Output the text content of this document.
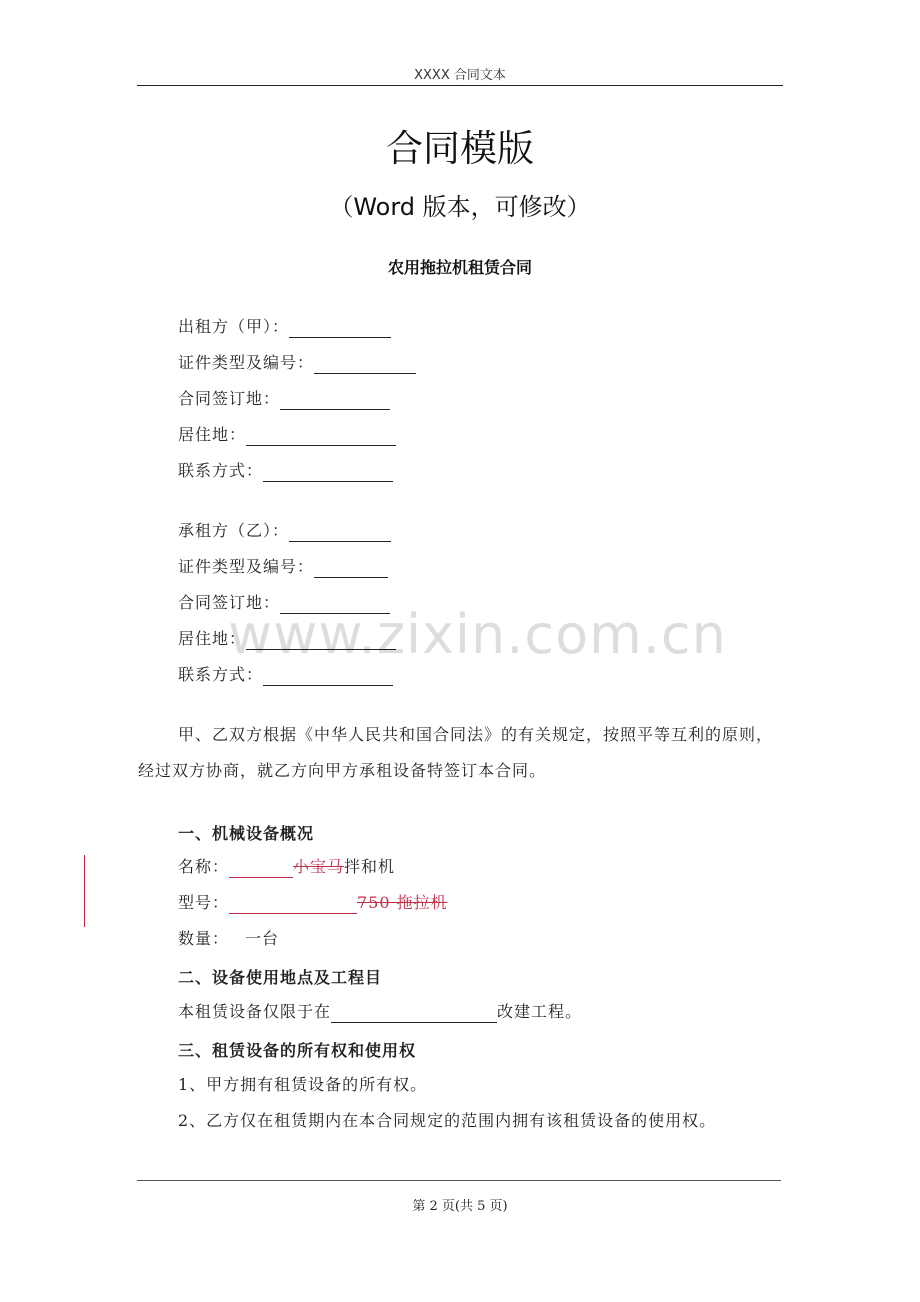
XXXX 合同文本
合同模版
（Word 版本，可修改）
农用拖拉机租赁合同
出租方（甲）：
证件类型及编号：
合同签订地：
居住地：
联系方式：
承租方（乙）：
证件类型及编号：
合同签订地：
居住地：
联系方式：
甲、乙双方根据《中华人民共和国合同法》的有关规定，按照平等互利的原则，经过双方协商，就乙方向甲方承租设备特签订本合同。
一、机械设备概况
名称：	小宝马拌和机
型号：	750 拖拉机
数量： 一台
二、设备使用地点及工程目
本租赁设备仅限于在	改建工程。
三、租赁设备的所有权和使用权
1、甲方拥有租赁设备的所有权。
2、乙方仅在租赁期内在本合同规定的范围内拥有该租赁设备的使用权。
www.zixin.com.cn
第 2 页(共 5 页)
